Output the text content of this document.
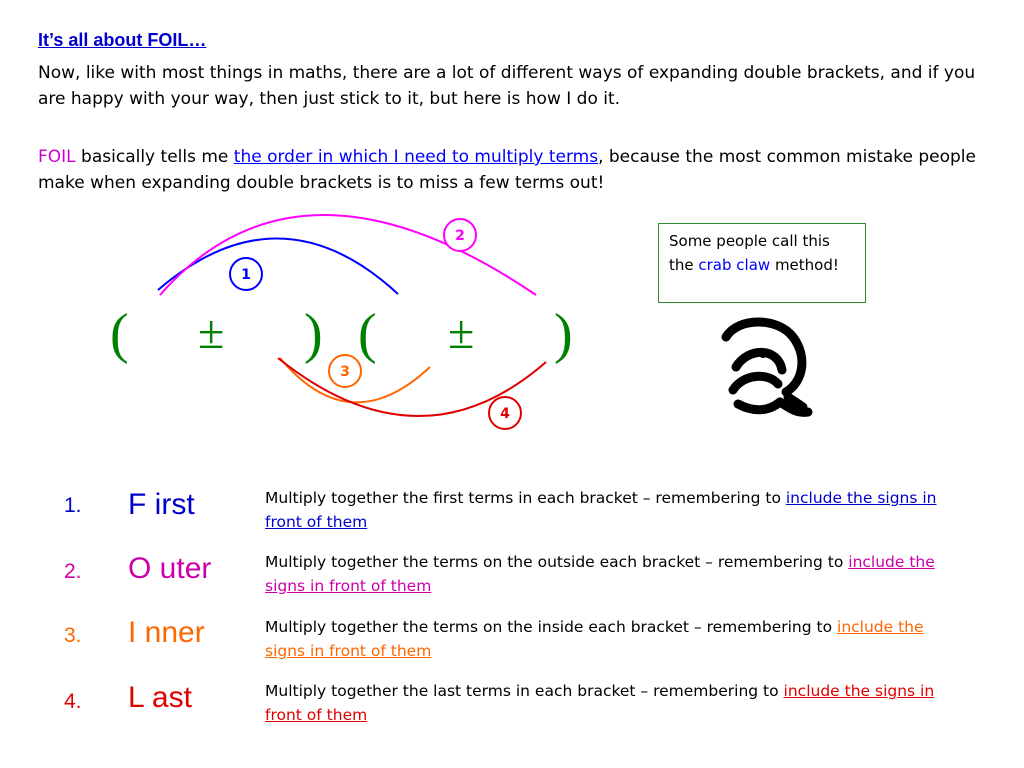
It’s all about FOIL…
Now, like with most things in maths, there are a lot of different ways of expanding double brackets, and if you are happy with your way, then just stick to it, but here is how I do it.
FOIL basically tells me the order in which I need to multiply terms, because the most common mistake people make when expanding double brackets is to miss a few terms out!
( ± ) ( ± )
1
2
3
4
Some people call this the crab claw method!
1. F irst	Multiply together the first terms in each bracket – remembering to include the signs in front of them
2. O uter	Multiply together the terms on the outside each bracket – remembering to include the signs in front of them
3. I nner	Multiply together the terms on the inside each bracket – remembering to include the signs in front of them
4. L ast	Multiply together the last terms in each bracket – remembering to include the signs in front of them
